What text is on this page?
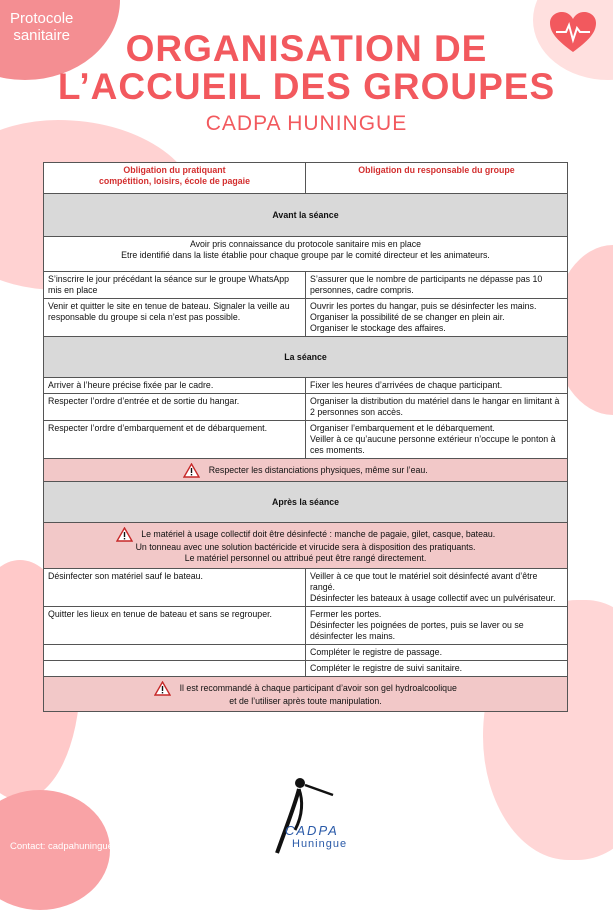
Protocole
sanitaire	ORGANISATION DE
L’ACCUEIL DES GROUPES
CADPA HUNINGUE
Obligation du pratiquant
compétition, loisirs, école de pagaie	Obligation du responsable du groupe
Avant la séance	

Avoir pris connaissance du protocole sanitaire mis en place
Etre identifié dans la liste établie pour chaque groupe par le comité directeur et les animateurs.	

S’inscrire le jour précédant la séance sur le groupe WhatsApp mis en place	S’assurer que le nombre de participants ne dépasse pas 10 personnes, cadre compris.
Venir et quitter le site en tenue de bateau. Signaler la veille au responsable du groupe si cela n’est pas possible.	Ouvrir les portes du hangar, puis se désinfecter les mains.
Organiser la possibilité de se changer en plein air.
Organiser le stockage des affaires.

La séance	
Arriver à l’heure précise fixée par le cadre.	Fixer les heures d’arrivées de chaque participant.
Respecter l’ordre d’entrée et de sortie du hangar.	Organiser la distribution du matériel dans le hangar en limitant à 2 personnes son accès.
Respecter l’ordre d’embarquement et de débarquement.	Organiser l’embarquement et le débarquement.
Veiller à ce qu’aucune personne extérieur n’occupe le ponton à ces moments.

Respecter les distanciations physiques, même sur l’eau.	
Après la séance	

Le matériel à usage collectif doit être désinfecté : manche de pagaie, gilet, casque, bateau.
Un tonneau avec une solution bactéricide et virucide sera à disposition des pratiquants.
Le matériel personnel ou attribué peut être rangé directement.	

Désinfecter son matériel sauf le bateau.	Veiller à ce que tout le matériel soit désinfecté avant d’être rangé.
Désinfecter les bateaux à usage collectif avec un pulvérisateur.

Quitter les lieux en tenue de bateau et sans se regrouper.	Fermer les portes.
Désinfecter les poignées de portes, puis se laver ou se désinfecter les mains.

	Compléter le registre de passage.
	Compléter le registre de suivi sanitaire.

Il est recommandé à chaque participant d’avoir son gel hydroalcoolique
et de l’utiliser après toute manipulation.	
CADPA
Huningue
Contact: cadpahuningue@gmail.com
